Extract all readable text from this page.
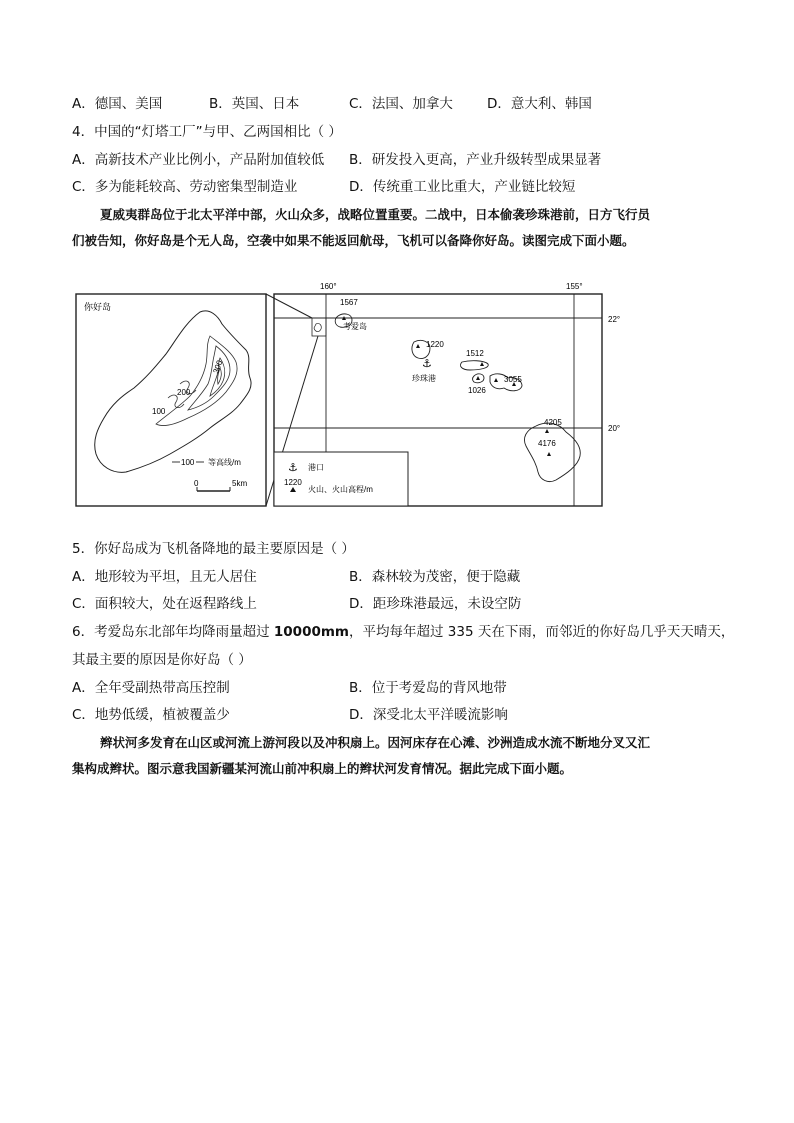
A．德国、美国	B．英国、日本	C．法国、加拿大	D．意大利、韩国
4．中国的“灯塔工厂”与甲、乙两国相比（ ）
A．高新技术产业比例小，产品附加值较低 B．研发投入更高，产业升级转型成果显著
C．多为能耗较高、劳动密集型制造业	D．传统重工业比重大，产业链比较短
夏威夷群岛位于北太平洋中部，火山众多，战略位置重要。二战中，日本偷袭珍珠港前，日方飞行员
们被告知，你好岛是个无人岛，空袭中如果不能返回航母，飞机可以备降你好岛。读图完成下面小题。
你好岛
300
200
100
100 等高线/m
0	5km
160°	155°
22°
20°
1567
考爱岛
1220
⚓
珍珠港
1512
1026
3055
4205
4176
⚓ 港口
1220
火山、火山高程/m
5．你好岛成为飞机备降地的最主要原因是（ ）
A．地形较为平坦，且无人居住	B．森林较为茂密，便于隐藏
C．面积较大，处在返程路线上	D．距珍珠港最远，未设空防
6．考爱岛东北部年均降雨量超过 10000mm，平均每年超过 335 天在下雨，而邻近的你好岛几乎天天晴天，
其最主要的原因是你好岛（ ）
A．全年受副热带高压控制	B．位于考爱岛的背风地带
C．地势低缓，植被覆盖少	D．深受北太平洋暖流影响
辫状河多发育在山区或河流上游河段以及冲积扇上。因河床存在心滩、沙洲造成水流不断地分叉又汇
集构成辫状。图示意我国新疆某河流山前冲积扇上的辫状河发育情况。据此完成下面小题。
